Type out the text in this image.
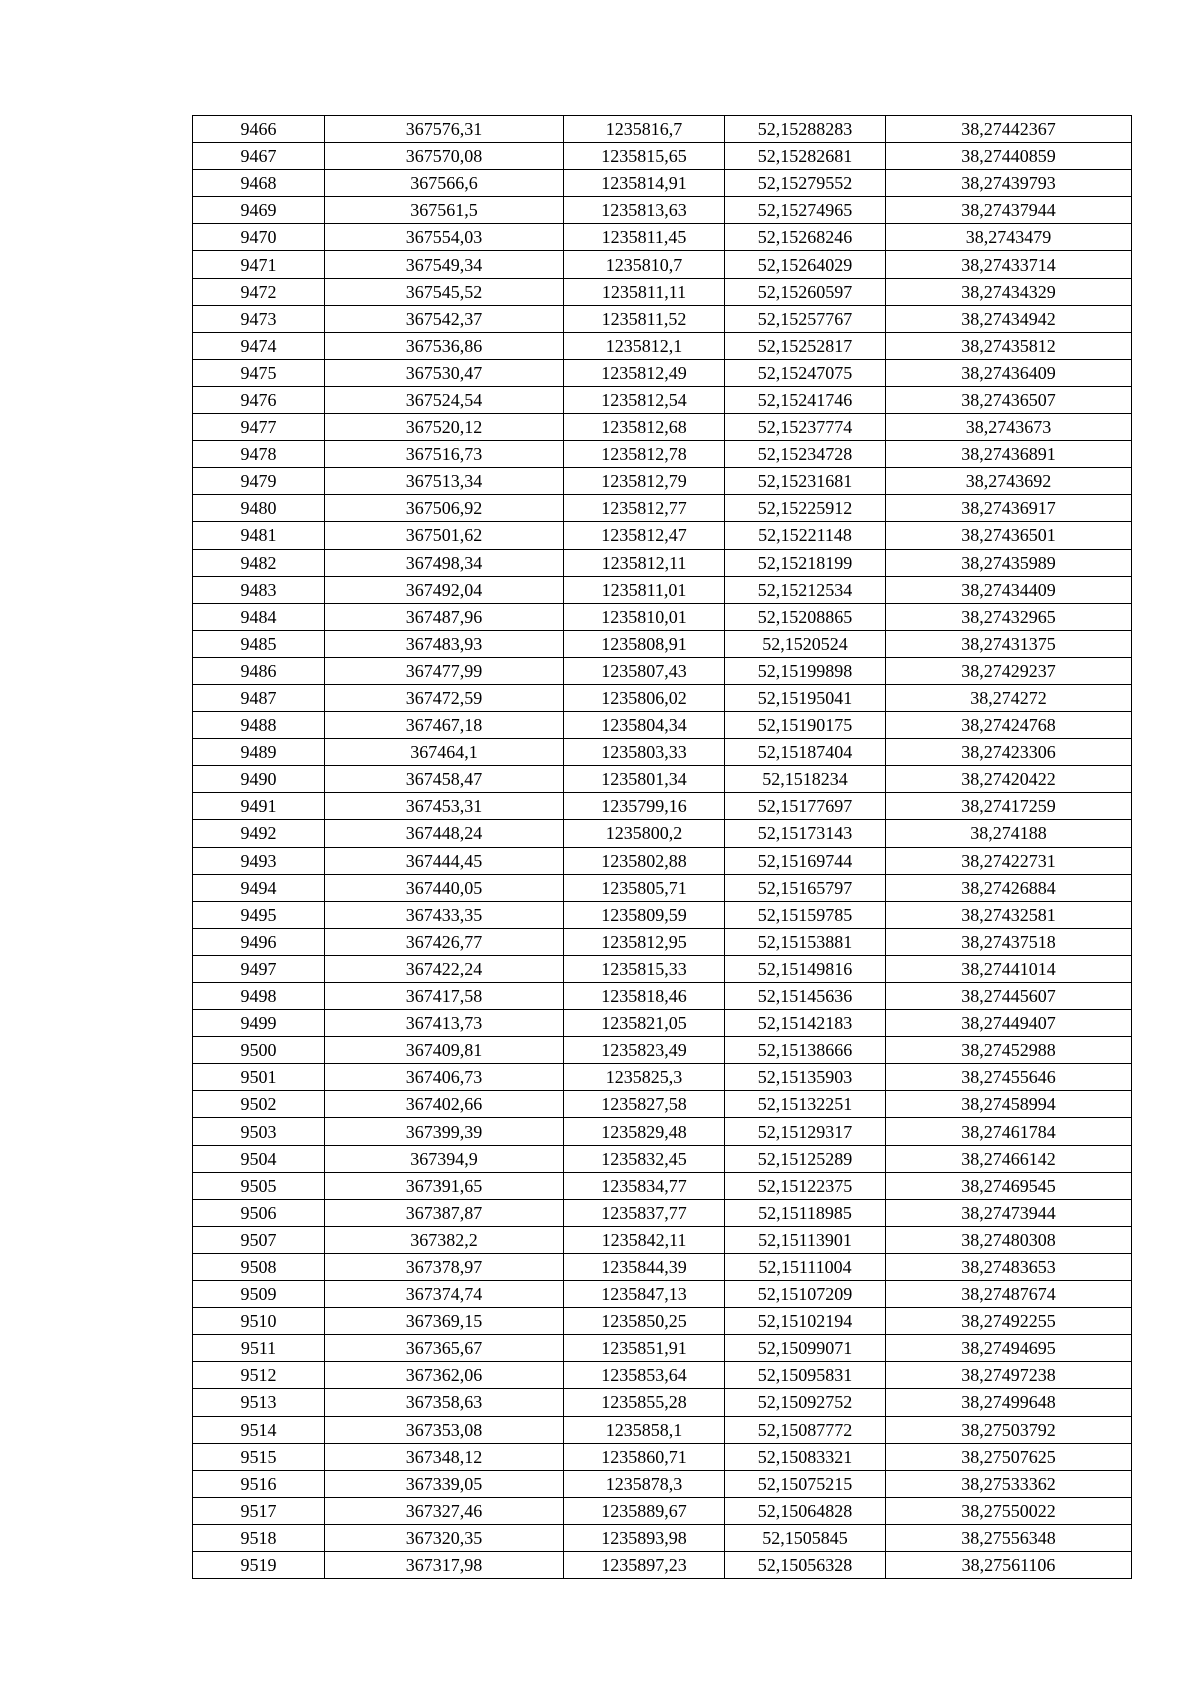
9466	367576,31	1235816,7	52,15288283	38,27442367
9467	367570,08	1235815,65	52,15282681	38,27440859
9468	367566,6	1235814,91	52,15279552	38,27439793
9469	367561,5	1235813,63	52,15274965	38,27437944
9470	367554,03	1235811,45	52,15268246	38,2743479
9471	367549,34	1235810,7	52,15264029	38,27433714
9472	367545,52	1235811,11	52,15260597	38,27434329
9473	367542,37	1235811,52	52,15257767	38,27434942
9474	367536,86	1235812,1	52,15252817	38,27435812
9475	367530,47	1235812,49	52,15247075	38,27436409
9476	367524,54	1235812,54	52,15241746	38,27436507
9477	367520,12	1235812,68	52,15237774	38,2743673
9478	367516,73	1235812,78	52,15234728	38,27436891
9479	367513,34	1235812,79	52,15231681	38,2743692
9480	367506,92	1235812,77	52,15225912	38,27436917
9481	367501,62	1235812,47	52,15221148	38,27436501
9482	367498,34	1235812,11	52,15218199	38,27435989
9483	367492,04	1235811,01	52,15212534	38,27434409
9484	367487,96	1235810,01	52,15208865	38,27432965
9485	367483,93	1235808,91	52,1520524	38,27431375
9486	367477,99	1235807,43	52,15199898	38,27429237
9487	367472,59	1235806,02	52,15195041	38,274272
9488	367467,18	1235804,34	52,15190175	38,27424768
9489	367464,1	1235803,33	52,15187404	38,27423306
9490	367458,47	1235801,34	52,1518234	38,27420422
9491	367453,31	1235799,16	52,15177697	38,27417259
9492	367448,24	1235800,2	52,15173143	38,274188
9493	367444,45	1235802,88	52,15169744	38,27422731
9494	367440,05	1235805,71	52,15165797	38,27426884
9495	367433,35	1235809,59	52,15159785	38,27432581
9496	367426,77	1235812,95	52,15153881	38,27437518
9497	367422,24	1235815,33	52,15149816	38,27441014
9498	367417,58	1235818,46	52,15145636	38,27445607
9499	367413,73	1235821,05	52,15142183	38,27449407
9500	367409,81	1235823,49	52,15138666	38,27452988
9501	367406,73	1235825,3	52,15135903	38,27455646
9502	367402,66	1235827,58	52,15132251	38,27458994
9503	367399,39	1235829,48	52,15129317	38,27461784
9504	367394,9	1235832,45	52,15125289	38,27466142
9505	367391,65	1235834,77	52,15122375	38,27469545
9506	367387,87	1235837,77	52,15118985	38,27473944
9507	367382,2	1235842,11	52,15113901	38,27480308
9508	367378,97	1235844,39	52,15111004	38,27483653
9509	367374,74	1235847,13	52,15107209	38,27487674
9510	367369,15	1235850,25	52,15102194	38,27492255
9511	367365,67	1235851,91	52,15099071	38,27494695
9512	367362,06	1235853,64	52,15095831	38,27497238
9513	367358,63	1235855,28	52,15092752	38,27499648
9514	367353,08	1235858,1	52,15087772	38,27503792
9515	367348,12	1235860,71	52,15083321	38,27507625
9516	367339,05	1235878,3	52,15075215	38,27533362
9517	367327,46	1235889,67	52,15064828	38,27550022
9518	367320,35	1235893,98	52,1505845	38,27556348
9519	367317,98	1235897,23	52,15056328	38,27561106
